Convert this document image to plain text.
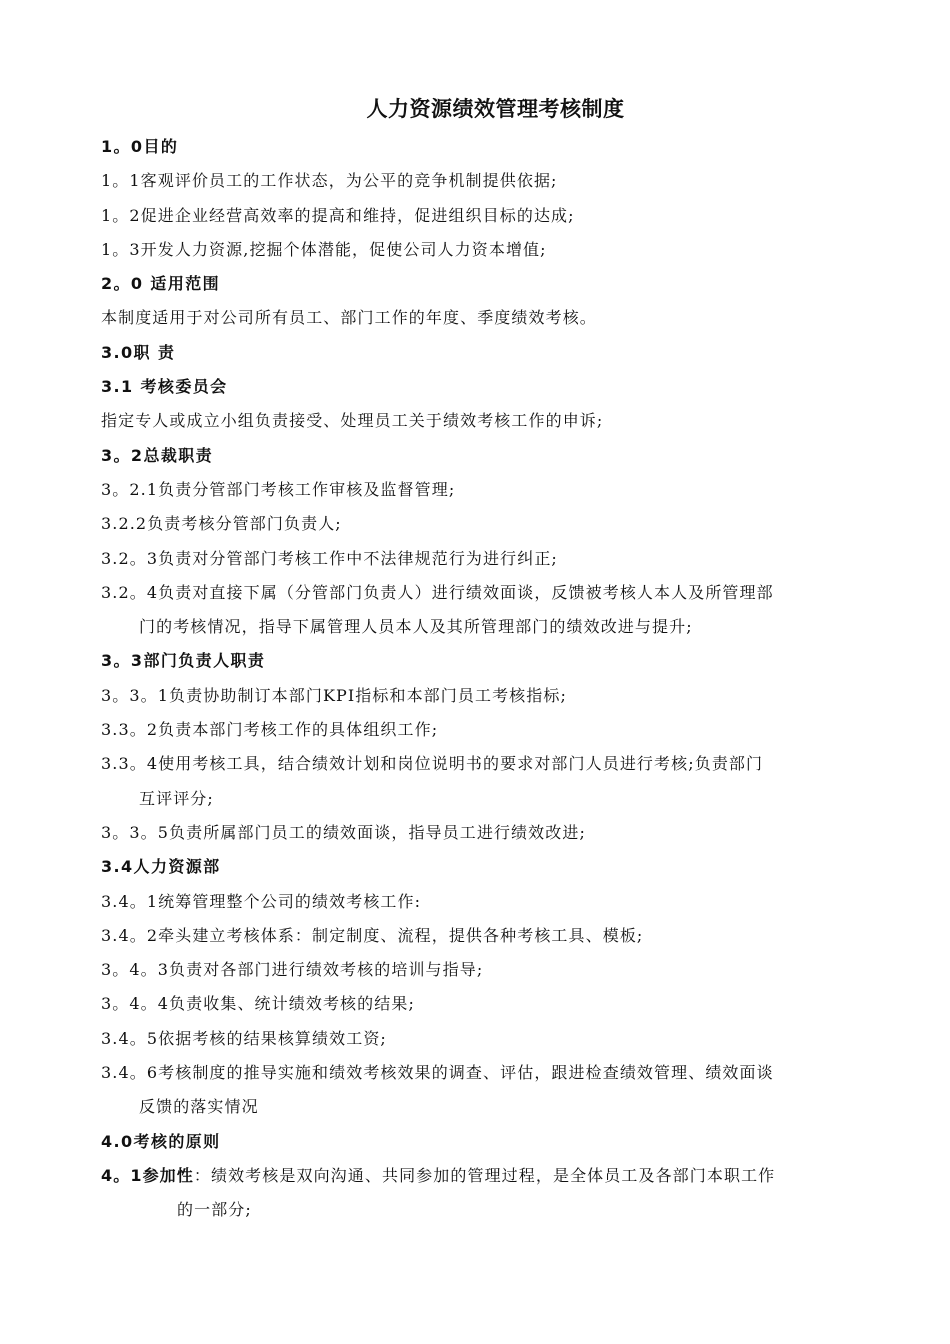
人力资源绩效管理考核制度
1。0目的
1。1客观评价员工的工作状态，为公平的竞争机制提供依据;
1。2促进企业经营高效率的提高和维持，促进组织目标的达成;
1。3开发人力资源,挖掘个体潜能，促使公司人力资本增值;
2。0 适用范围
本制度适用于对公司所有员工、部门工作的年度、季度绩效考核。
3.0职 责
3.1 考核委员会
指定专人或成立小组负责接受、处理员工关于绩效考核工作的申诉;
3。2总裁职责
3。2.1负责分管部门考核工作审核及监督管理;
3.2.2负责考核分管部门负责人;
3.2。3负责对分管部门考核工作中不法律规范行为进行纠正;
3.2。4负责对直接下属（分管部门负责人）进行绩效面谈，反馈被考核人本人及所管理部
门的考核情况，指导下属管理人员本人及其所管理部门的绩效改进与提升;
3。3部门负责人职责
3。3。1负责协助制订本部门KPI指标和本部门员工考核指标;
3.3。2负责本部门考核工作的具体组织工作;
3.3。4使用考核工具，结合绩效计划和岗位说明书的要求对部门人员进行考核;负责部门
互评评分;
3。3。5负责所属部门员工的绩效面谈，指导员工进行绩效改进;
3.4人力资源部
3.4。1统筹管理整个公司的绩效考核工作:
3.4。2牵头建立考核体系：制定制度、流程，提供各种考核工具、模板;
3。4。3负责对各部门进行绩效考核的培训与指导;
3。4。4负责收集、统计绩效考核的结果;
3.4。5依据考核的结果核算绩效工资;
3.4。6考核制度的推导实施和绩效考核效果的调查、评估，跟进检查绩效管理、绩效面谈
反馈的落实情况
4.0考核的原则
4。1参加性：绩效考核是双向沟通、共同参加的管理过程，是全体员工及各部门本职工作
的一部分;
